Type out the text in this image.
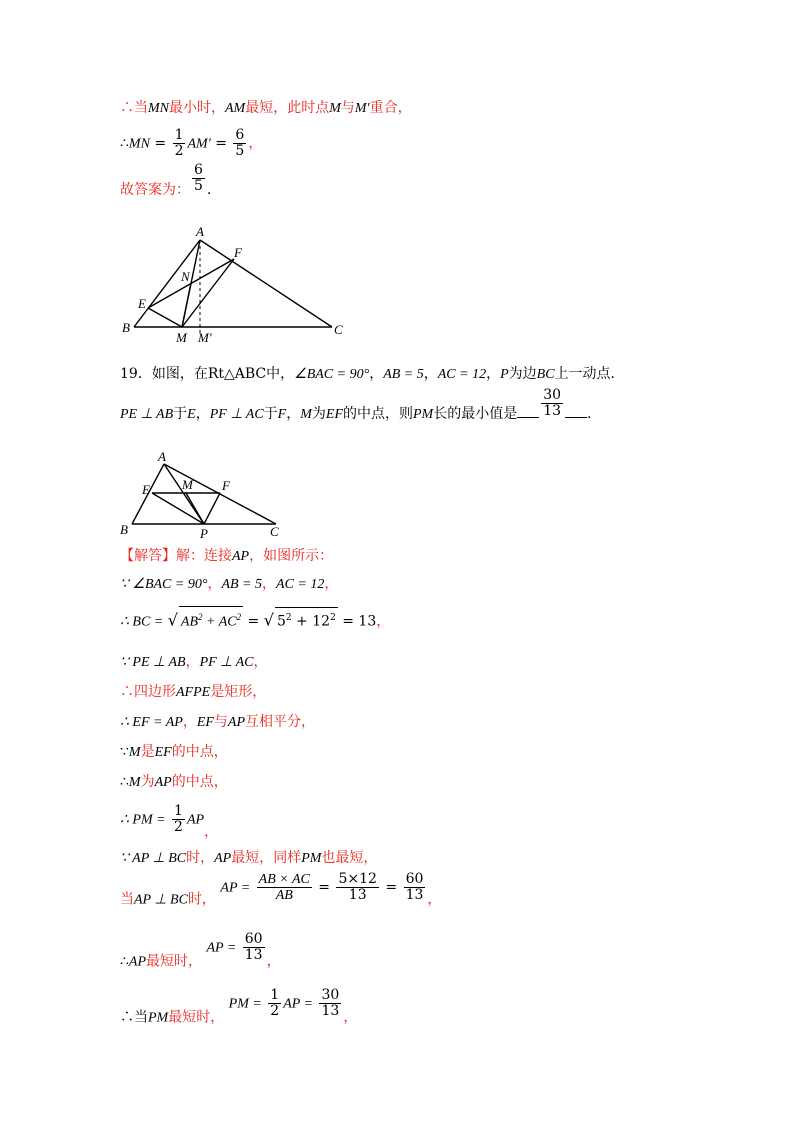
∴当MN最小时，AM最短，此时点M与M′重合，
∴MN = $\frac{1}{2} AM' = \frac{6}{5}$ ，
故答案为： $\frac{6}{5}$ .
A
F
N
E
B
M M′
C
19．如图，在Rt△ABC中，∠BAC = 90°，AB = 5，AC = 12，P为边BC上一动点．
PE ⊥ AB于E，PF ⊥ AC于F，M为EF的中点，则PM长的最小值是 $\frac{30}{13}$ .
A
E M F
B	P	C
【解答】解：连接AP，如图所示：
∵ ∠BAC = 90°，AB = 5，AC = 12，
∴ BC = √ $AB^2 + AC^2$ = √ $5^2 + 12^2 = 13$，
∵ PE ⊥ AB，PF ⊥ AC，
∴四边形AFPE是矩形，
∴ EF = AP，EF与AP互相平分，
∵M是EF的中点，
∴M为AP的中点，
∴ PM = $\frac{1}{2}$ AP，
∵ AP ⊥ BC时，AP最短，同样PM也最短，
当AP ⊥ BC时， AP = $\frac{AB \times AC}{AB} = \frac{5\times 12}{13} = \frac{60}{13}$ ，
∴AP最短时， AP = $\frac{60}{13}$ ，
∴当PM最短时， PM = $\frac{1}{2}$ AP = $\frac{30}{13}$ ，
